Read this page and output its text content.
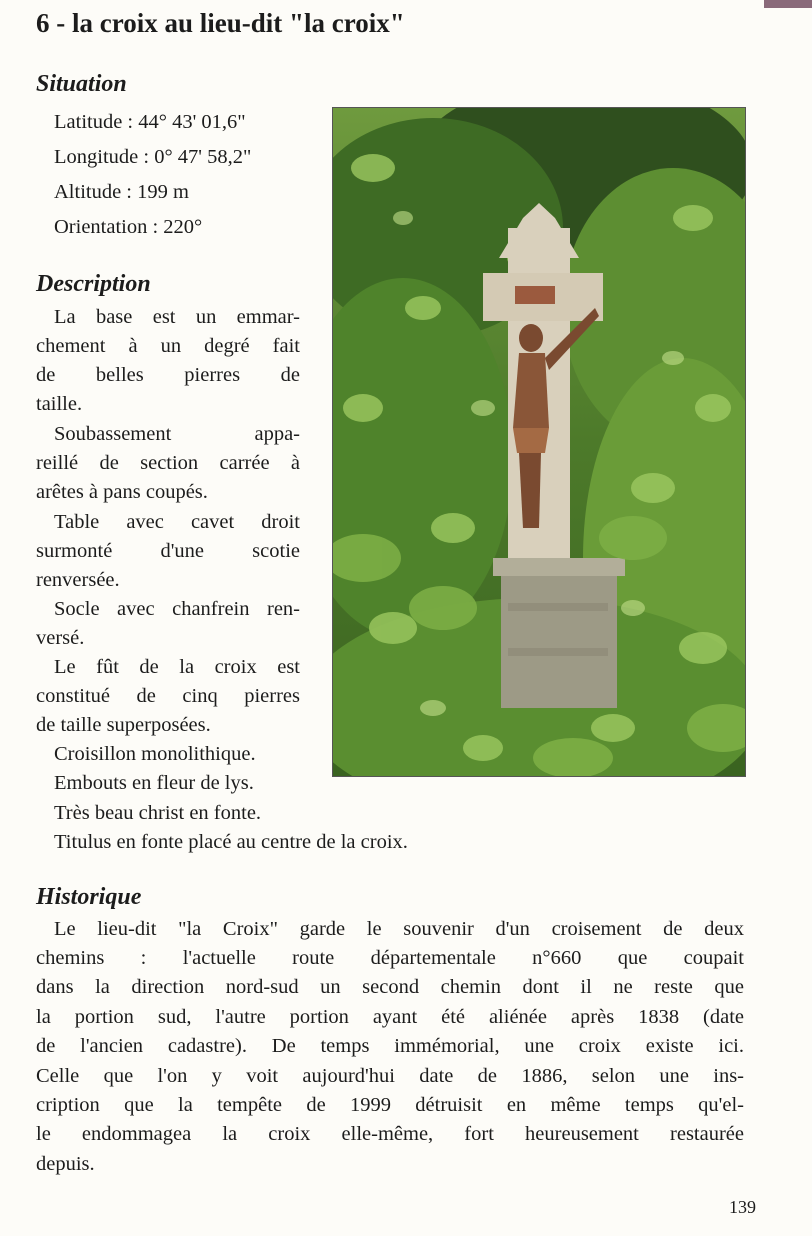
6 - la croix au lieu-dit "la croix"
Situation

Latitude : 44° 43' 01,6"

Longitude : 0° 47' 58,2"

Altitude : 199 m

Orientation : 220°

Description

La base est un emmar-

chement à un degré fait

de belles pierres de

taille.

Soubassement appa-

reillé de section carrée à

arêtes à pans coupés.

Table avec cavet droit

surmonté d'une scotie

renversée.

Socle avec chanfrein ren-

versé.

Le fût de la croix est

constitué de cinq pierres

de taille superposées.

Croisillon monolithique.

Embouts en fleur de lys.

Très beau christ en fonte.

Titulus en fonte placé au centre de la croix.

Historique

Le lieu-dit "la Croix" garde le souvenir d'un croisement de deux

chemins : l'actuelle route départementale n°660 que coupait

dans la direction nord-sud un second chemin dont il ne reste que

la portion sud, l'autre portion ayant été aliénée après 1838 (date

de l'ancien cadastre). De temps immémorial, une croix existe ici.

Celle que l'on y voit aujourd'hui date de 1886, selon une ins-

cription que la tempête de 1999 détruisit en même temps qu'el-

le endommagea la croix elle-même, fort heureusement restaurée

depuis.

139
